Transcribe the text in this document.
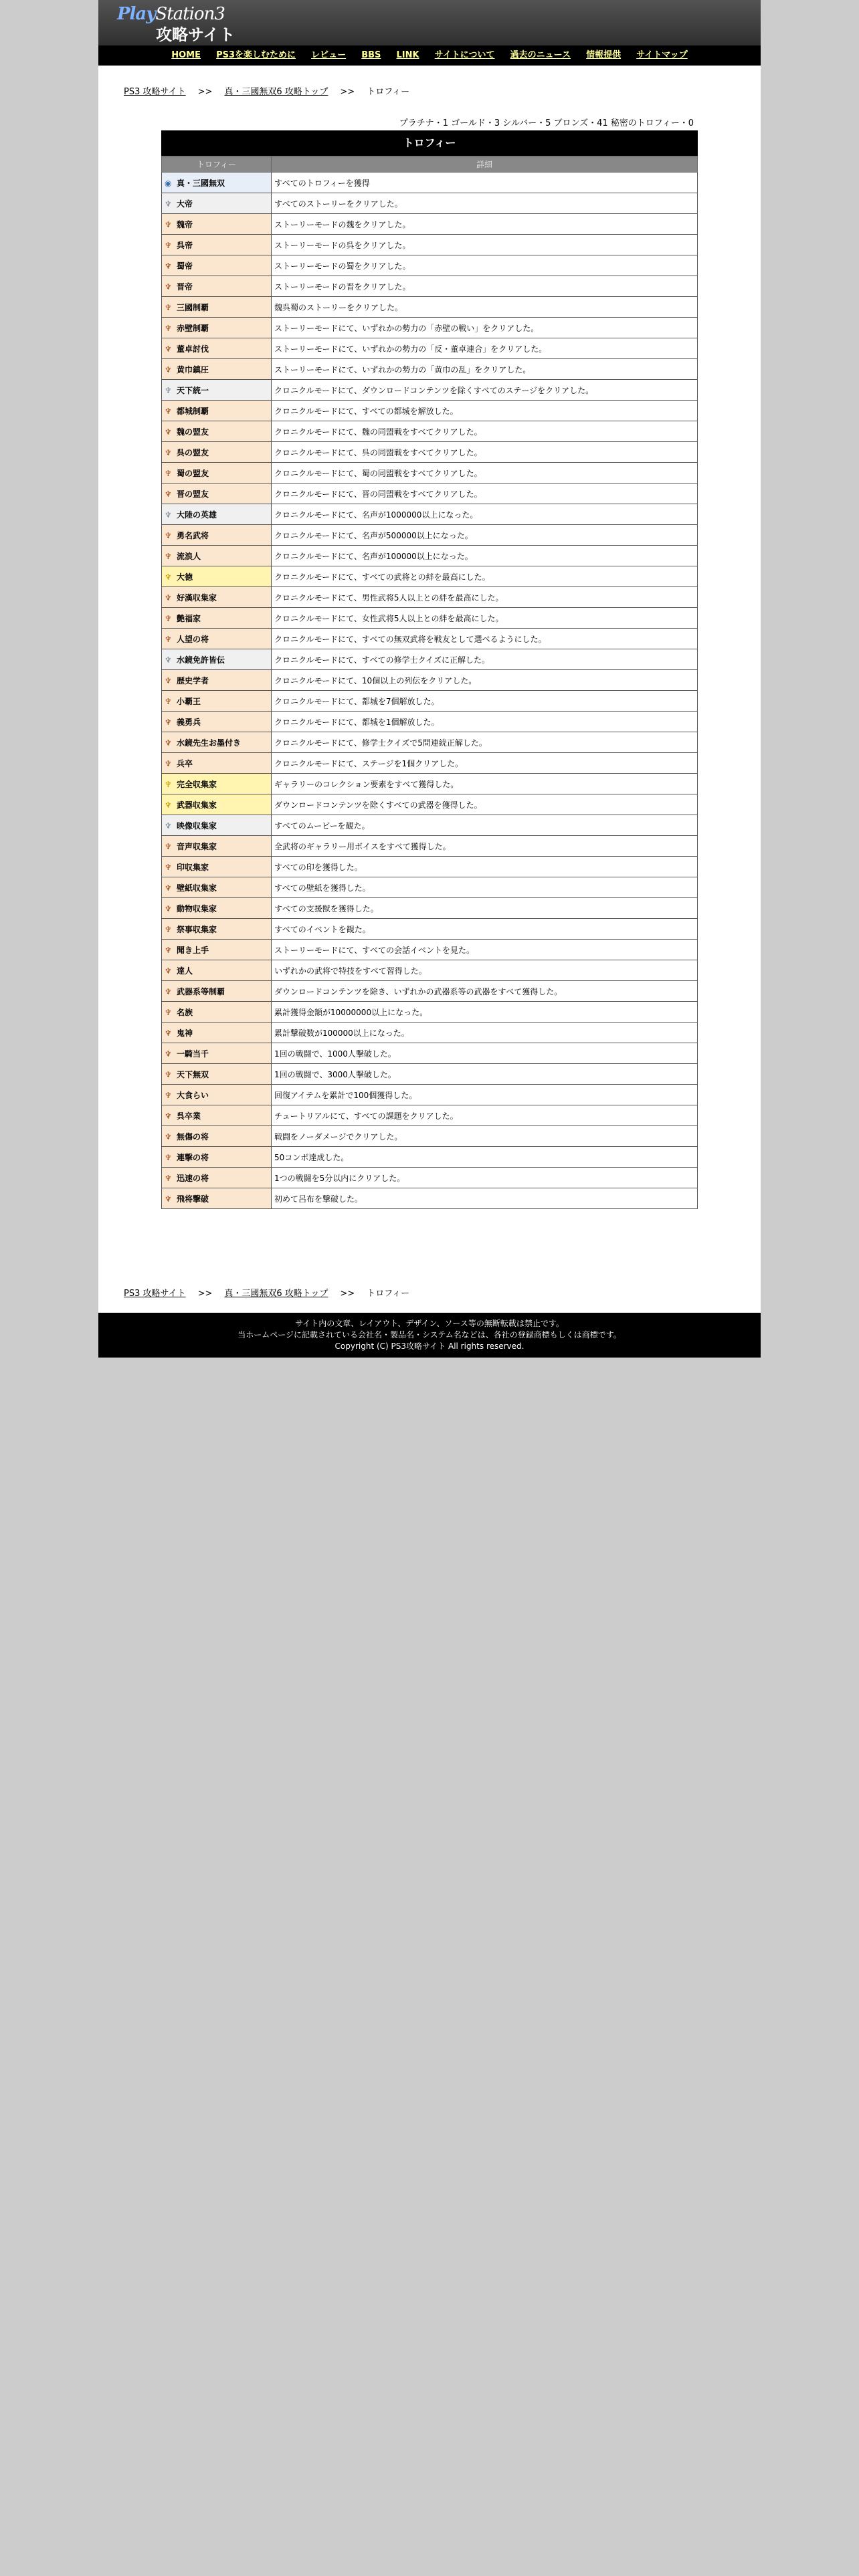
PlayStation3
攻略サイト
HOME PS3を楽しむために レビュー BBS LINK サイトについて 過去のニュース 情報提供 サイトマップ
PS3 攻略サイト >> 真・三國無双6 攻略トップ >> トロフィー
プラチナ・1 ゴールド・3 シルバー・5 ブロンズ・41 秘密のトロフィー・0
トロフィー
トロフィー	詳細
◉ 真・三國無双	すべてのトロフィーを獲得
♆ 大帝	すべてのストーリーをクリアした。
♆ 魏帝	ストーリーモードの魏をクリアした。
♆ 呉帝	ストーリーモードの呉をクリアした。
♆ 蜀帝	ストーリーモードの蜀をクリアした。
♆ 晋帝	ストーリーモードの晋をクリアした。
♆ 三國制覇	魏呉蜀のストーリーをクリアした。
♆ 赤壁制覇	ストーリーモードにて、いずれかの勢力の「赤壁の戦い」をクリアした。
♆ 董卓討伐	ストーリーモードにて、いずれかの勢力の「反・董卓連合」をクリアした。
♆ 黄巾鎮圧	ストーリーモードにて、いずれかの勢力の「黄巾の乱」をクリアした。
♆ 天下統一	クロニクルモードにて、ダウンロードコンテンツを除くすべてのステージをクリアした。
♆ 都城制覇	クロニクルモードにて、すべての都城を解放した。
♆ 魏の盟友	クロニクルモードにて、魏の同盟戦をすべてクリアした。
♆ 呉の盟友	クロニクルモードにて、呉の同盟戦をすべてクリアした。
♆ 蜀の盟友	クロニクルモードにて、蜀の同盟戦をすべてクリアした。
♆ 晋の盟友	クロニクルモードにて、晋の同盟戦をすべてクリアした。
♆ 大陸の英雄	クロニクルモードにて、名声が1000000以上になった。
♆ 勇名武将	クロニクルモードにて、名声が500000以上になった。
♆ 流浪人	クロニクルモードにて、名声が100000以上になった。
♆ 大徳	クロニクルモードにて、すべての武将との絆を最高にした。
♆ 好漢収集家	クロニクルモードにて、男性武将5人以上との絆を最高にした。
♆ 艶福家	クロニクルモードにて、女性武将5人以上との絆を最高にした。
♆ 人望の将	クロニクルモードにて、すべての無双武将を戦友として選べるようにした。
♆ 水鏡免許皆伝	クロニクルモードにて、すべての修学士クイズに正解した。
♆ 歴史学者	クロニクルモードにて、10個以上の列伝をクリアした。
♆ 小覇王	クロニクルモードにて、都城を7個解放した。
♆ 義勇兵	クロニクルモードにて、都城を1個解放した。
♆ 水鏡先生お墨付き	クロニクルモードにて、修学士クイズで5問連続正解した。
♆ 兵卒	クロニクルモードにて、ステージを1個クリアした。
♆ 完全収集家	ギャラリーのコレクション要素をすべて獲得した。
♆ 武器収集家	ダウンロードコンテンツを除くすべての武器を獲得した。
♆ 映像収集家	すべてのムービーを観た。
♆ 音声収集家	全武将のギャラリー用ボイスをすべて獲得した。
♆ 印収集家	すべての印を獲得した。
♆ 壁紙収集家	すべての壁紙を獲得した。
♆ 動物収集家	すべての支援獣を獲得した。
♆ 祭事収集家	すべてのイベントを観た。
♆ 聞き上手	ストーリーモードにて、すべての会話イベントを見た。
♆ 達人	いずれかの武将で特技をすべて習得した。
♆ 武器系等制覇	ダウンロードコンテンツを除き、いずれかの武器系等の武器をすべて獲得した。
♆ 名族	累計獲得金額が10000000以上になった。
♆ 鬼神	累計撃破数が100000以上になった。
♆ 一騎当千	1回の戦闘で、1000人撃破した。
♆ 天下無双	1回の戦闘で、3000人撃破した。
♆ 大食らい	回復アイテムを累計で100個獲得した。
♆ 呉卒業	チュートリアルにて、すべての課題をクリアした。
♆ 無傷の将	戦闘をノーダメージでクリアした。
♆ 連撃の将	50コンボ達成した。
♆ 迅速の将	1つの戦闘を5分以内にクリアした。
♆ 飛将撃破	初めて呂布を撃破した。
PS3 攻略サイト >> 真・三國無双6 攻略トップ >> トロフィー
サイト内の文章、レイアウト、デザイン、ソース等の無断転載は禁止です。
当ホームページに記載されている会社名・製品名・システム名などは、各社の登録商標もしくは商標です。
Copyright (C) PS3攻略サイト All rights reserved.
